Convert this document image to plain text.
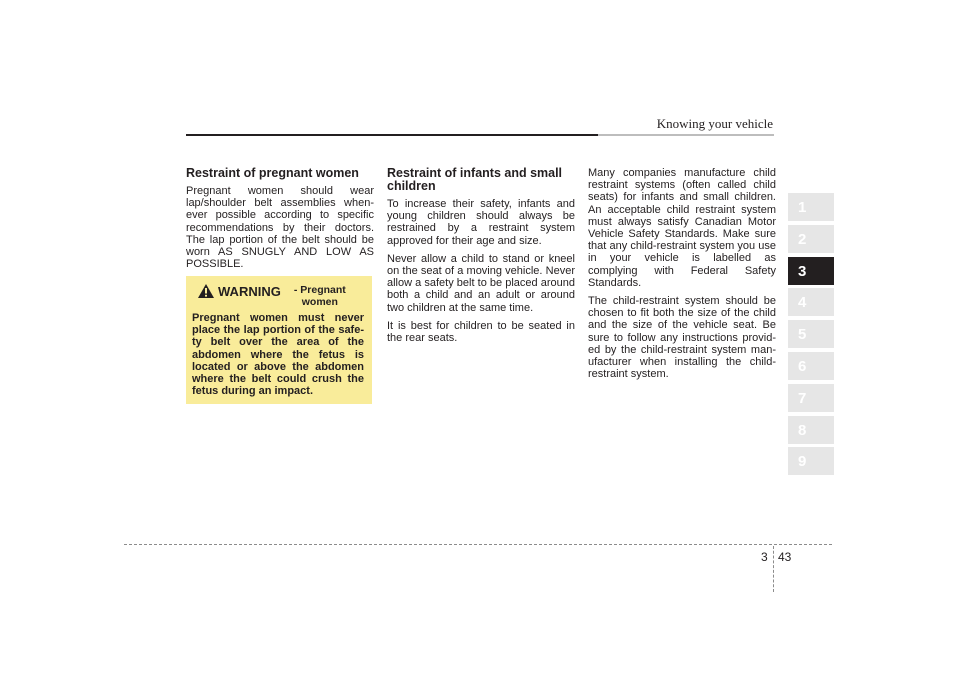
Knowing your vehicle
Restraint of pregnant women

Pregnant women should wear lap/shoulder belt assemblies when-ever possible according to specific recommendations by their doctors. The lap portion of the belt should be worn AS SNUGLY AND LOW AS POSSIBLE.

WARNING	- Pregnant
women
Pregnant women must never place the lap portion of the safe-ty belt over the area of the abdomen where the fetus is located or above the abdomen where the belt could crush the fetus during an impact.
Restraint of infants and small children

To increase their safety, infants and young children should always be restrained by a restraint system approved for their age and size.

Never allow a child to stand or kneel on the seat of a moving vehicle. Never allow a safety belt to be placed around both a child and an adult or around two children at the same time.

It is best for children to be seated in the rear seats.

Many companies manufacture child restraint systems (often called child seats) for infants and small children. An acceptable child restraint system must always satisfy Canadian Motor Vehicle Safety Standards. Make sure that any child-restraint system you use in your vehicle is labelled as complying with Federal Safety Standards.

The child-restraint system should be chosen to fit both the size of the child and the size of the vehicle seat. Be sure to follow any instructions provid-ed by the child-restraint system man-ufacturer when installing the child-restraint system.

1
2
3
4
5
6
7
8
9
3 43
